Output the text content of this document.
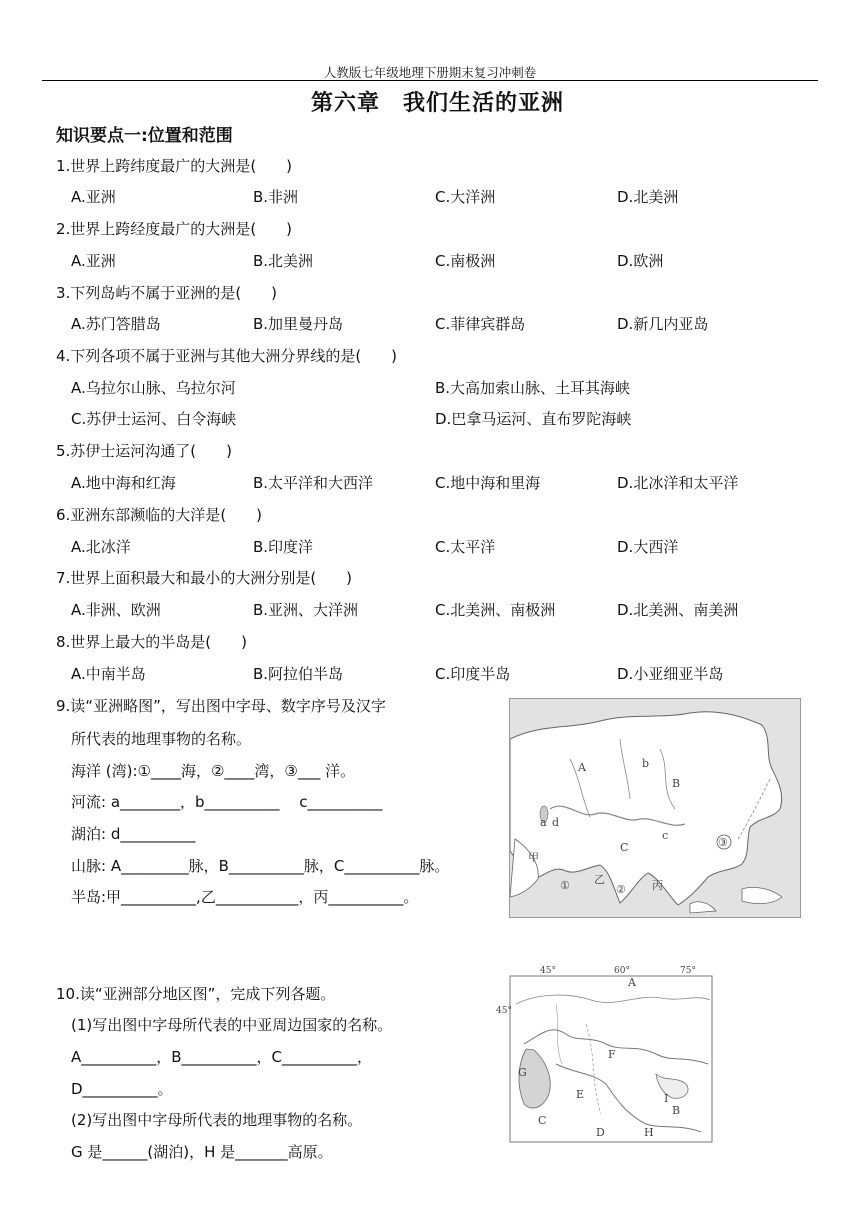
人教版七年级地理下册期末复习冲刺卷
第六章　我们生活的亚洲
知识要点一:位置和范围
1.世界上跨纬度最广的大洲是(　　)
A.亚洲	B.非洲	C.大洋洲	D.北美洲
2.世界上跨经度最广的大洲是(　　)
A.亚洲	B.北美洲	C.南极洲	D.欧洲
3.下列岛屿不属于亚洲的是(　　)
A.苏门答腊岛	B.加里曼丹岛	C.菲律宾群岛	D.新几内亚岛
4.下列各项不属于亚洲与其他大洲分界线的是(　　)
A.乌拉尔山脉、乌拉尔河	B.大高加索山脉、土耳其海峡
C.苏伊士运河、白令海峡	D.巴拿马运河、直布罗陀海峡
5.苏伊士运河沟通了(　　)
A.地中海和红海	B.太平洋和大西洋	C.地中海和里海	D.北冰洋和太平洋
6.亚洲东部濒临的大洋是(　　)
A.北冰洋	B.印度洋	C.太平洋	D.大西洋
7.世界上面积最大和最小的大洲分别是(　　)
A.非洲、欧洲	B.亚洲、大洋洲	C.北美洲、南极洲	D.北美洲、南美洲
8.世界上最大的半岛是(　　)
A.中南半岛	B.阿拉伯半岛	C.印度半岛	D.小亚细亚半岛
9.读“亚洲略图”，写出图中字母、数字序号及汉字
所代表的地理事物的名称。
海洋 (湾):①____海，②____湾，③___ 洋。
河流: a________，b__________　 c__________
湖泊: d__________
山脉: A_________脉，B__________脉，C__________脉。
半岛:甲__________,乙___________，丙__________。
A
B
C
a
b
c
d
甲
乙	丙
①	②
③
10.读“亚洲部分地区图”，完成下列各题。
(1)写出图中字母所代表的中亚周边国家的名称。
A__________，B__________，C__________，
D__________。
(2)写出图中字母所代表的地理事物的名称。
G 是______(湖泊)，H 是_______高原。
45°	60°	75°
45°
A
B
C
D
E
F
G
H
I
